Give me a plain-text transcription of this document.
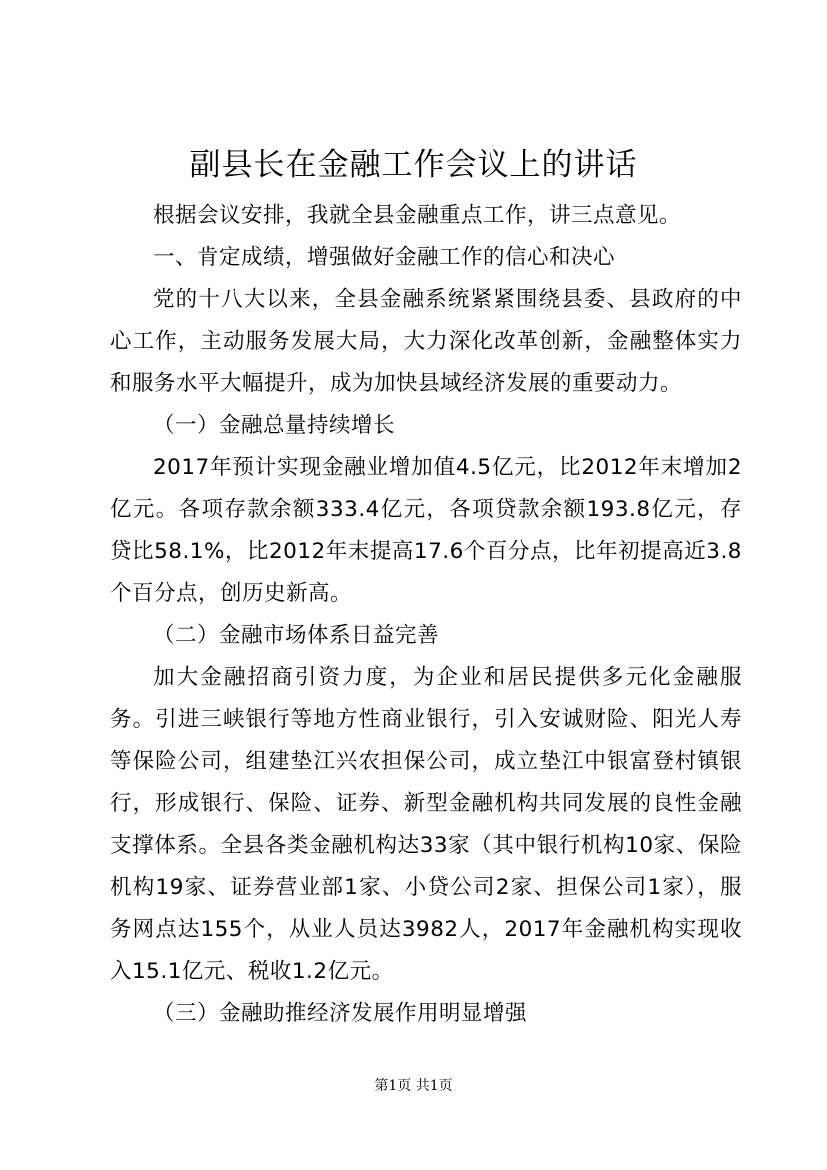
副县长在金融工作会议上的讲话

根据会议安排，我就全县金融重点工作，讲三点意见。

一、肯定成绩，增强做好金融工作的信心和决心

党的十八大以来，全县金融系统紧紧围绕县委、县政府的中心工作，主动服务发展大局，大力深化改革创新，金融整体实力和服务水平大幅提升，成为加快县域经济发展的重要动力。

（一）金融总量持续增长

2017年预计实现金融业增加值4.5亿元，比2012年末增加2亿元。各项存款余额333.4亿元，各项贷款余额193.8亿元，存贷比58.1%，比2012年末提高17.6个百分点，比年初提高近3.8个百分点，创历史新高。

（二）金融市场体系日益完善

加大金融招商引资力度，为企业和居民提供多元化金融服务。引进三峡银行等地方性商业银行，引入安诚财险、阳光人寿等保险公司，组建垫江兴农担保公司，成立垫江中银富登村镇银行，形成银行、保险、证券、新型金融机构共同发展的良性金融支撑体系。全县各类金融机构达33家（其中银行机构10家、保险机构19家、证券营业部1家、小贷公司2家、担保公司1家），服务网点达155个，从业人员达3982人，2017年金融机构实现收入15.1亿元、税收1.2亿元。

（三）金融助推经济发展作用明显增强

第1页 共1页
